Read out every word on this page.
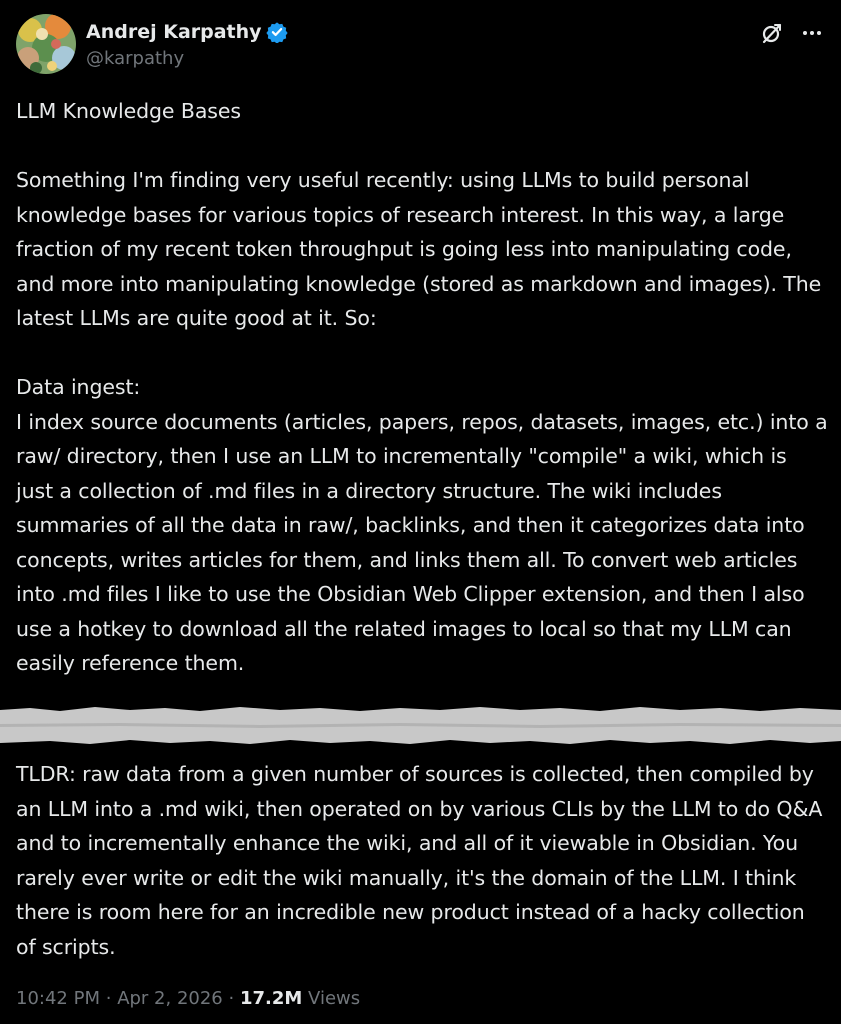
Andrej Karpathy
@karpathy
LLM Knowledge Bases

Something I'm finding very useful recently: using LLMs to build personal knowledge bases for various topics of research interest. In this way, a large fraction of my recent token throughput is going less into manipulating code, and more into manipulating knowledge (stored as markdown and images). The latest LLMs are quite good at it. So:

Data ingest:
I index source documents (articles, papers, repos, datasets, images, etc.) into a raw/ directory, then I use an LLM to incrementally "compile" a wiki, which is just a collection of .md files in a directory structure. The wiki includes summaries of all the data in raw/, backlinks, and then it categorizes data into concepts, writes articles for them, and links them all. To convert web articles into .md files I like to use the Obsidian Web Clipper extension, and then I also use a hotkey to download all the related images to local so that my LLM can easily reference them.
TLDR: raw data from a given number of sources is collected, then compiled by an LLM into a .md wiki, then operated on by various CLIs by the LLM to do Q&A and to incrementally enhance the wiki, and all of it viewable in Obsidian. You rarely ever write or edit the wiki manually, it's the domain of the LLM. I think there is room here for an incredible new product instead of a hacky collection of scripts.
10:42 PM · Apr 2, 2026 · 17.2M Views
